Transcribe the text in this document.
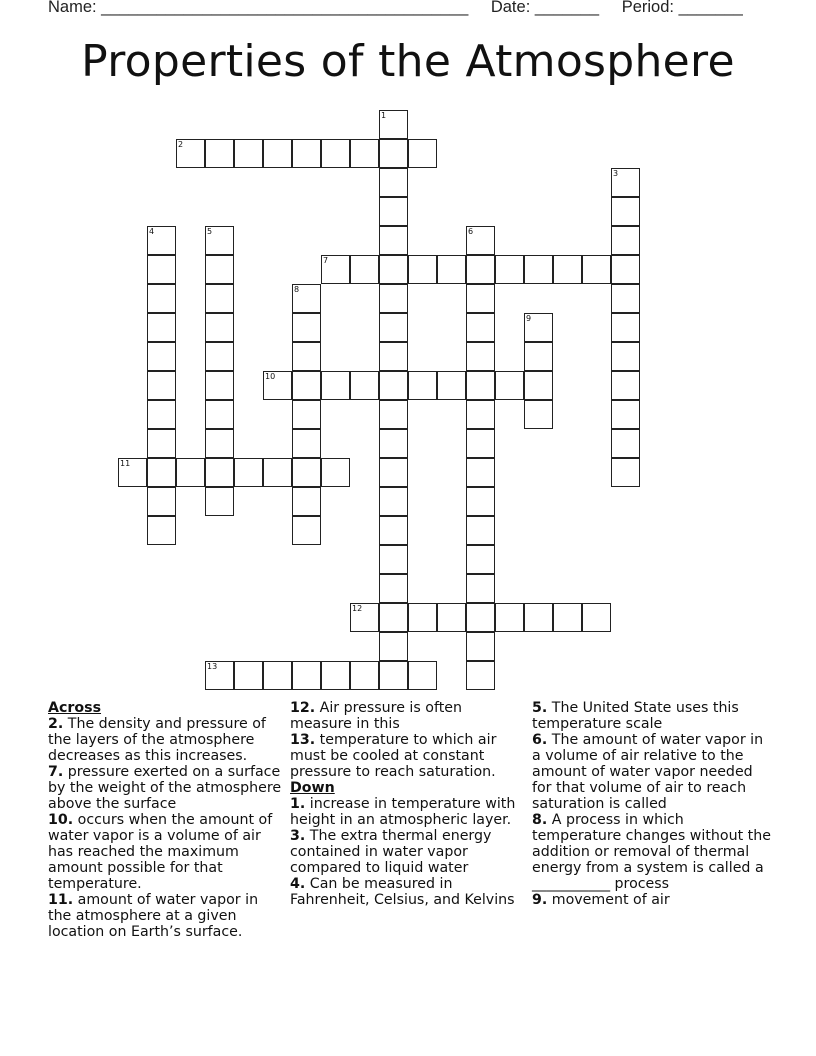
Name: ________________________________________ Date: _______ Period: _______
Properties of the Atmosphere
1
2
3
4	5	6
7
8
9
10
11
12
13

Across

2. The density and pressure of the layers of the atmosphere decreases as this increases.

7. pressure exerted on a surface by the weight of the atmosphere above the surface

10. occurs when the amount of water vapor is a volume of air has reached the maximum amount possible for that temperature.

11. amount of water vapor in the atmosphere at a given location on Earth’s surface.

12. Air pressure is often measure in this

13. temperature to which air must be cooled at constant pressure to reach saturation.

Down

1. increase in temperature with height in an atmospheric layer.

3. The extra thermal energy contained in water vapor compared to liquid water

4. Can be measured in Fahrenheit, Celsius, and Kelvins

5. The United State uses this temperature scale

6. The amount of water vapor in a volume of air relative to the amount of water vapor needed for that volume of air to reach saturation is called

8. A process in which temperature changes without the addition or removal of thermal energy from a system is called a ___________ process

9. movement of air
